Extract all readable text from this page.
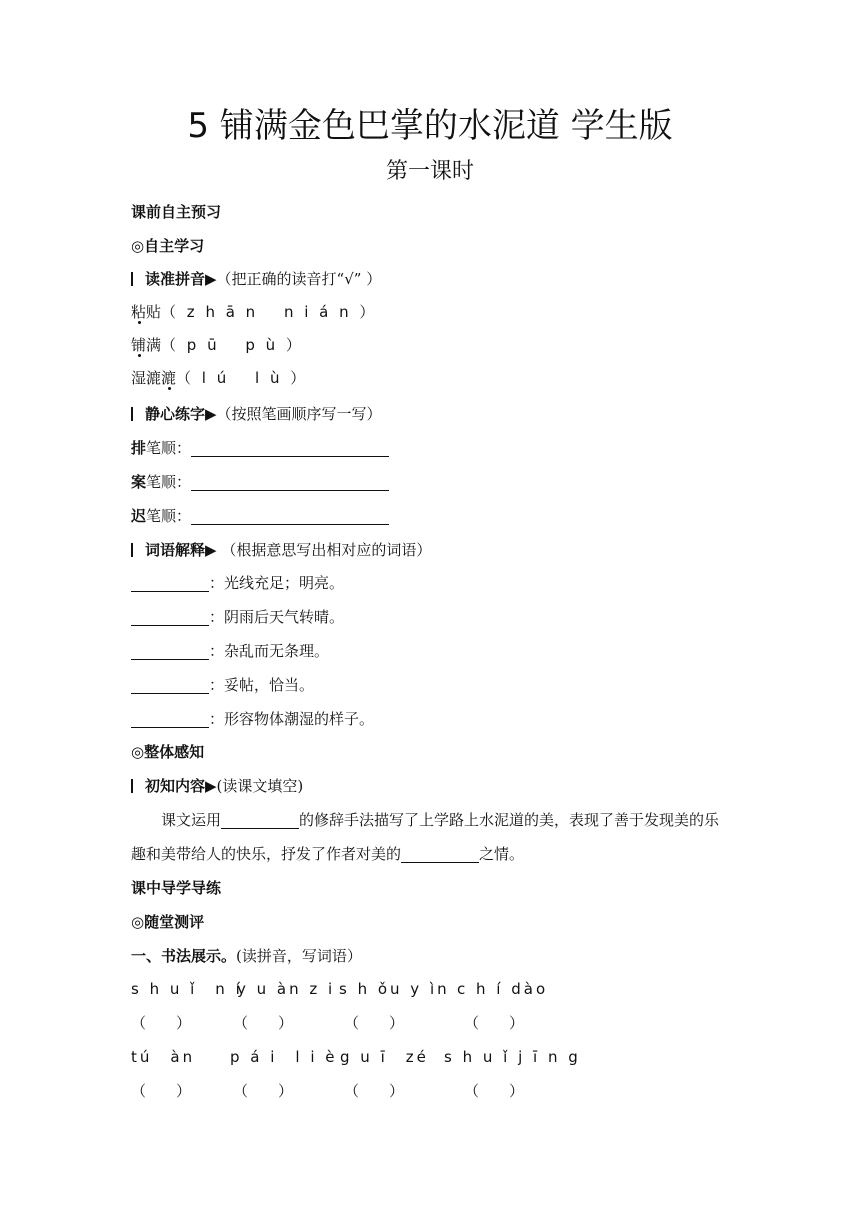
5 铺满金色巴掌的水泥道 学生版
第一课时
课前自主预习
◎自主学习
读准拼音▶（把正确的读音打“√” ）
粘贴（ z h ā n　 n i á n ）
铺满（ p ū　 p ù ）
湿漉漉（ l ú　 l ù ）
静心练字▶（按照笔画顺序写一写）
排笔顺：
案笔顺：
迟笔顺：
词语解释▶ （根据意思写出相对应的词语）
：光线充足；明亮。
：阴雨后天气转晴。
：杂乱而无条理。
：妥帖，恰当。
：形容物体潮湿的样子。
◎整体感知
初知内容▶(读课文填空)
课文运用	的修辞手法描写了上学路上水泥道的美，表现了善于发现美的乐
趣和美带给人的快乐，抒发了作者对美的	之情。
课中导学导练
◎随堂测评
一、书法展示。(读拼音，写词语）
s h u ǐ　n í
y u àn z i s h ǒu y ìn c h í dào
（　　）	（　　）	（　　）	（　　）
tú　àn p á i　l i è g u ī　zé s h u ǐ j ī n g
（　　）	（　　）	（　　）	（　　）
